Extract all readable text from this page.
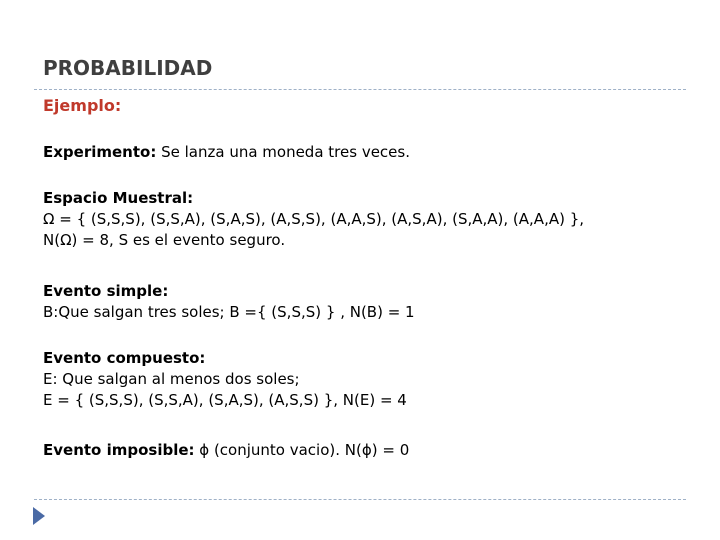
PROBABILIDAD
Ejemplo:
Experimento: Se lanza una moneda tres veces.
Espacio Muestral:
Ω = { (S,S,S), (S,S,A), (S,A,S), (A,S,S), (A,A,S), (A,S,A), (S,A,A), (A,A,A) },
N(Ω) = 8, S es el evento seguro.
Evento simple:
B:Que salgan tres soles; B ={ (S,S,S) } , N(B) = 1
Evento compuesto:
E: Que salgan al menos dos soles;
E = { (S,S,S), (S,S,A), (S,A,S), (A,S,S) }, N(E) = 4
Evento imposible: ϕ (conjunto vacio). N(ϕ) = 0
